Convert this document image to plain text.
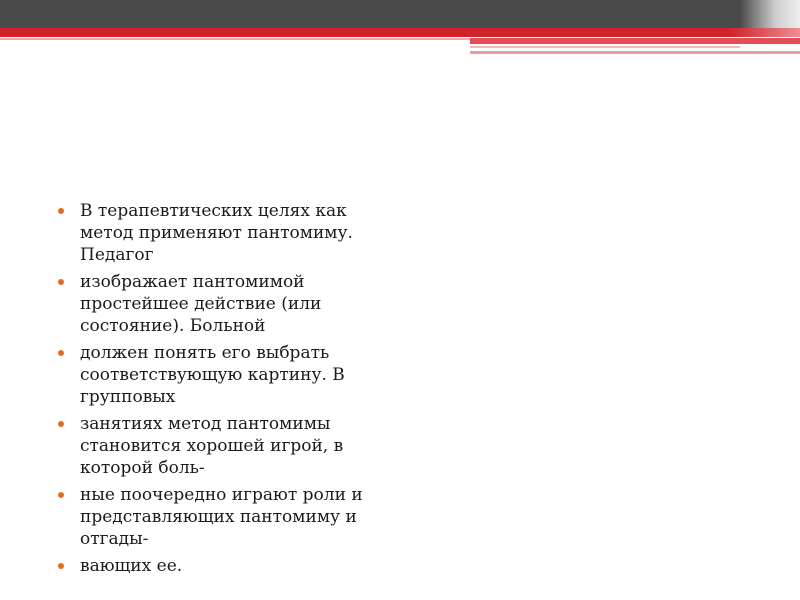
В терапевтических целях как
метод применяют пантомиму.
Педагог
изображает пантомимой
простейшее действие (или
состояние). Больной
должен понять его выбрать
соответствующую картину. В
групповых
занятиях метод пантомимы
становится хорошей игрой, в
которой боль-
ные поочередно играют роли и
представляющих пантомиму и
отгады-
вающих ее.
